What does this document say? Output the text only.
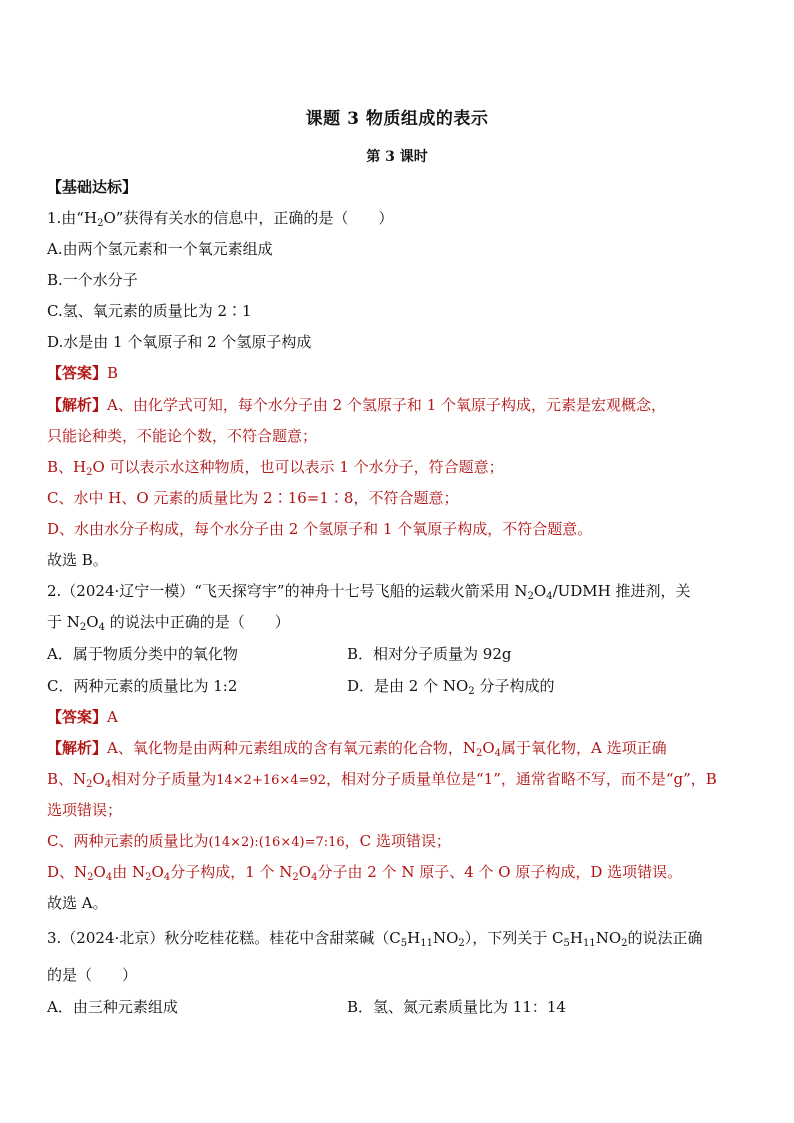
课题 3 物质组成的表示
第 3 课时
【基础达标】
1.由“$H_2O$”获得有关水的信息中，正确的是（　　）
A.由两个氢元素和一个氧元素组成
B.一个水分子
C.氢、氧元素的质量比为 2∶1
D.水是由 1 个氧原子和 2 个氢原子构成
【答案】B
【解析】A、由化学式可知，每个水分子由 2 个氢原子和 1 个氧原子构成，元素是宏观概念，
只能论种类，不能论个数，不符合题意；
B、$H_2O$ 可以表示水这种物质，也可以表示 1 个水分子，符合题意；
C、水中 H、O 元素的质量比为 2∶16=1∶8，不符合题意；
D、水由水分子构成，每个水分子由 2 个氢原子和 1 个氧原子构成，不符合题意。
故选 B。
2.（2024·辽宁一模）“飞天探穹宇”的神舟十七号飞船的运载火箭采用 $N_2O_4$/UDMH 推进剂，关
于 $N_2O_4$ 的说法中正确的是（　　）
A．属于物质分类中的氧化物	B．相对分子质量为 92g
C．两种元素的质量比为 1:2	D．是由 2 个 $NO_2$ 分子构成的
【答案】A
【解析】A、氧化物是由两种元素组成的含有氧元素的化合物，$N_2O_4$属于氧化物，A 选项正确
B、$N_2O_4$相对分子质量为14×2+16×4=92，相对分子质量单位是“1”，通常省略不写，而不是“g”，B
选项错误；
C、两种元素的质量比为(14×2):(16×4)=7:16，C 选项错误；
D、$N_2O_4$由 $N_2O_4$分子构成，1 个 $N_2O_4$分子由 2 个 N 原子、4 个 O 原子构成，D 选项错误。
故选 A。
3.（2024·北京）秋分吃桂花糕。桂花中含甜菜碱$(C_5H_{11}NO_2)$，下列关于 $C_5H_{11}NO_2$的说法正确
的是（　　）
A．由三种元素组成	B．氢、氮元素质量比为 11：14
